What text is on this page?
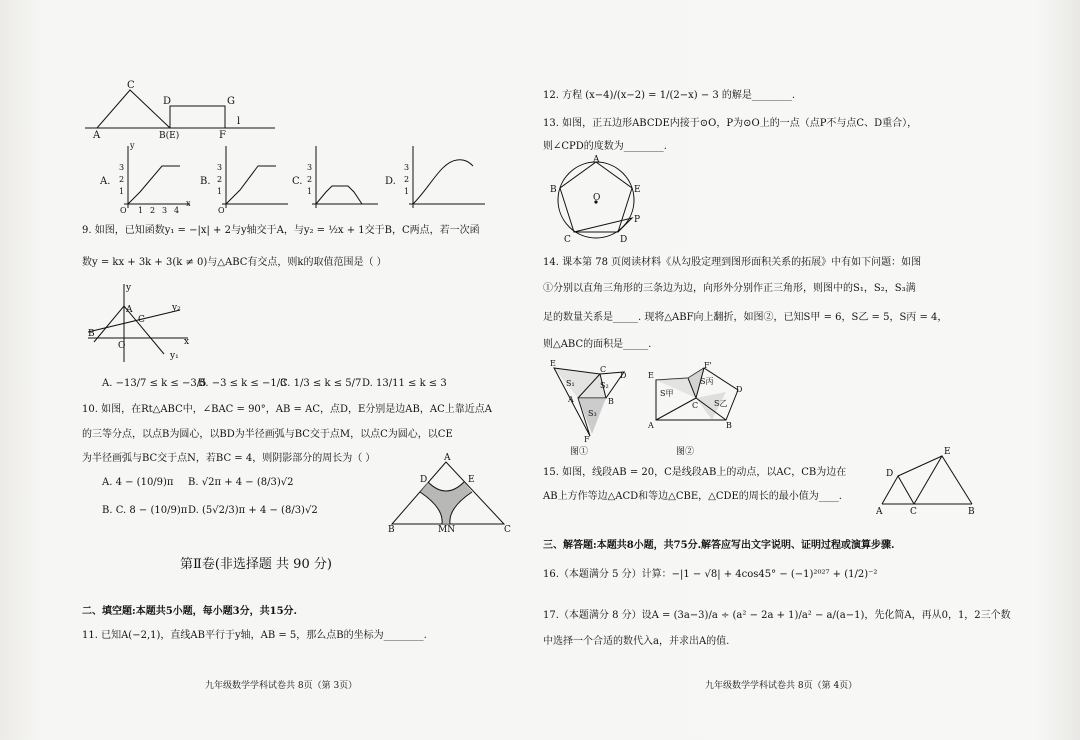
C
D	G
A	B(E)	F
l
A.
3
2
1
O 1 2 3 4
x
y
B.
3
2
1
O
C.
3
2
1
D.
3
2
1
9. 如图，已知函数y₁ = −|x| + 2与y轴交于A，与y₂ = ½x + 1交于B，C两点，若一次函
数y = kx + 3k + 3(k ≠ 0)与△ABC有交点，则k的取值范围是（ ）
y
A
B
C
O	x
y₂
y₁
A. −13/7 ≤ k ≤ −3/5
B. −3 ≤ k ≤ −1/3
C. 1/3 ≤ k ≤ 5/7 D. 13/11 ≤ k ≤ 3
10. 如图，在Rt△ABC中，∠BAC = 90°，AB = AC，点D，E分别是边AB，AC上靠近点A
的三等分点，以点B为圆心，以BD为半径画弧与BC交于点M，以点C为圆心，以CE
为半径画弧与BC交于点N，若BC = 4，则阴影部分的周长为（ ）
A. 4 − (10/9)π B. √2π + 4 − (8/3)√2
B. C. 8 − (10/9)π D. (5√2/3)π + 4 − (8/3)√2
A
D	E
B	MN	C
第Ⅱ卷(非选择题 共 90 分)
二、填空题:本题共5小题，每小题3分，共15分.
11. 已知A(−2,1)，直线AB平行于y轴，AB = 5，那么点B的坐标为________.
九年级数学学科试卷共 8页（第 3页）
12. 方程 (x−4)/(x−2) = 1/(2−x) − 3 的解是________.
13. 如图，正五边形ABCDE内接于⊙O，P为⊙O上的一点（点P不与点C、D重合），
则∠CPD的度数为________.
A
B	E
O
P
C	D
14. 课本第 78 页阅读材料《从勾股定理到图形面积关系的拓展》中有如下问题：如图
①分别以直角三角形的三条边为边，向形外分别作正三角形，则图中的S₁，S₂，S₃满
足的数量关系是_____. 现将△ABF向上翻折，如图②，已知S甲 = 6，S乙 = 5，S丙 = 4，
则△ABC的面积是_____.
E
C
D
S₁	S₂
A	B
S₃
F
图①
E
F'
S丙
S甲
S乙
D
C
A	B
图②
15. 如图，线段AB = 20，C是线段AB上的动点，以AC，CB为边在
AB上方作等边△ACD和等边△CBE，△CDE的周长的最小值为____.
D
E
A	C	B
三、解答题:本题共8小题，共75分.解答应写出文字说明、证明过程或演算步骤.
16.（本题满分 5 分）计算：−|1 − √8| + 4cos45° − (−1)²⁰²⁷ + (1/2)⁻²
17.（本题满分 8 分）设A = (3a−3)/a ÷ (a² − 2a + 1)/a² − a/(a−1)，先化简A，再从0，1，2三个数
中选择一个合适的数代入a，并求出A的值.
九年级数学学科试卷共 8页（第 4页）
